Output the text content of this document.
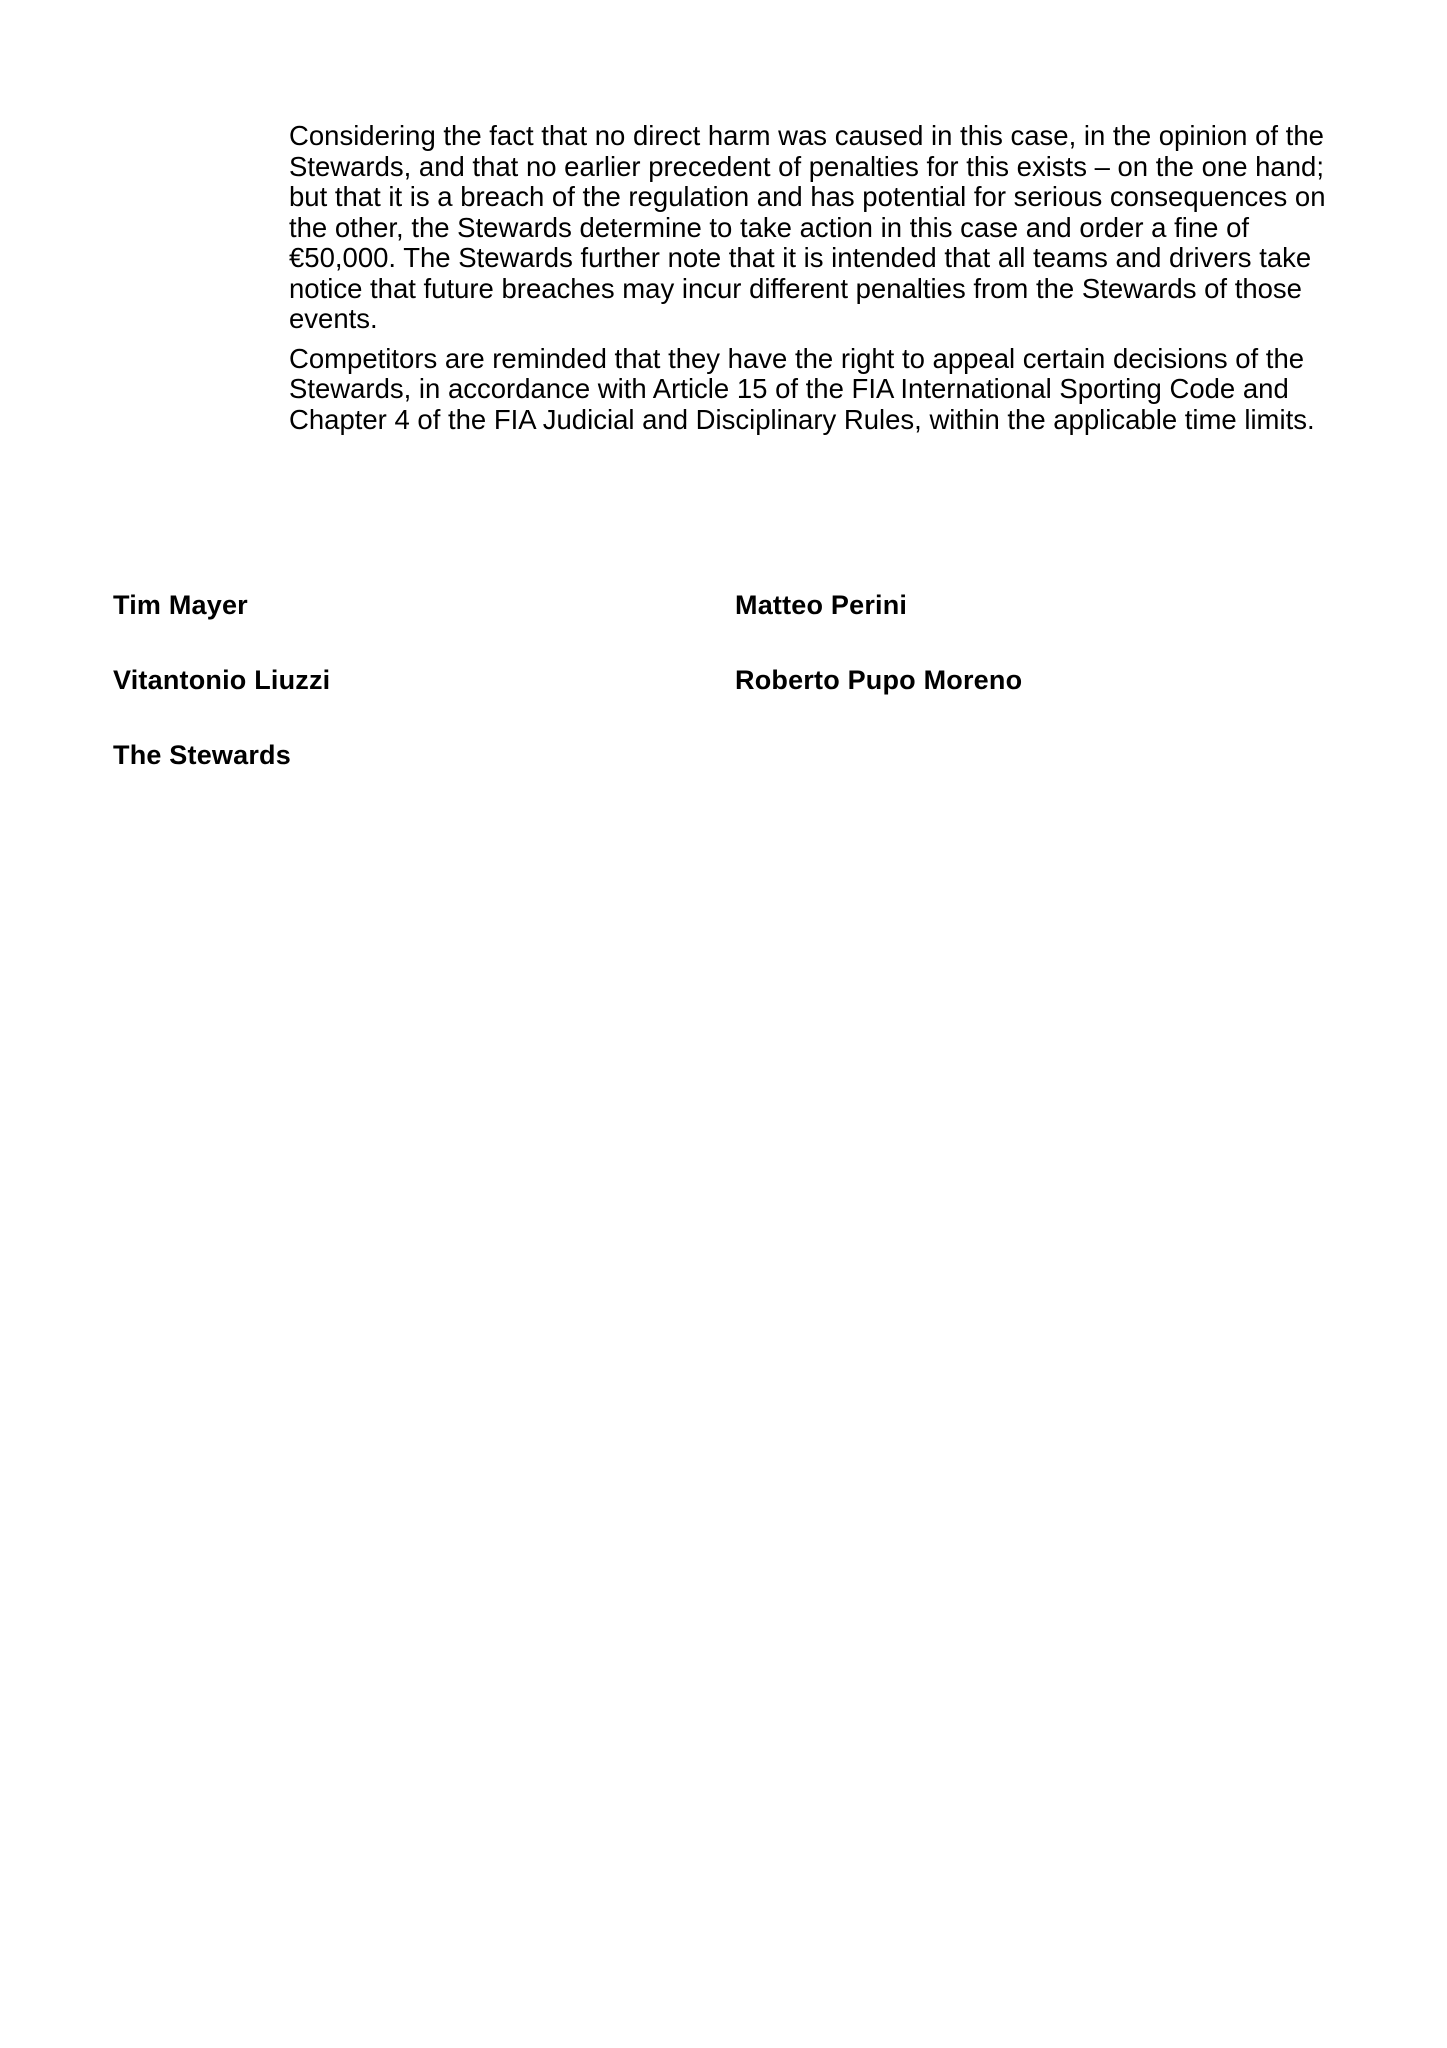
Considering the fact that no direct harm was caused in this case, in the opinion of the Stewards, and that no earlier precedent of penalties for this exists – on the one hand; but that it is a breach of the regulation and has potential for serious consequences on the other, the Stewards determine to take action in this case and order a fine of €50,000. The Stewards further note that it is intended that all teams and drivers take notice that future breaches may incur different penalties from the Stewards of those events.

Competitors are reminded that they have the right to appeal certain decisions of the Stewards, in accordance with Article 15 of the FIA International Sporting Code and Chapter 4 of the FIA Judicial and Disciplinary Rules, within the applicable time limits.

Tim Mayer	Matteo Perini
Vitantonio Liuzzi	Roberto Pupo Moreno
The Stewards
